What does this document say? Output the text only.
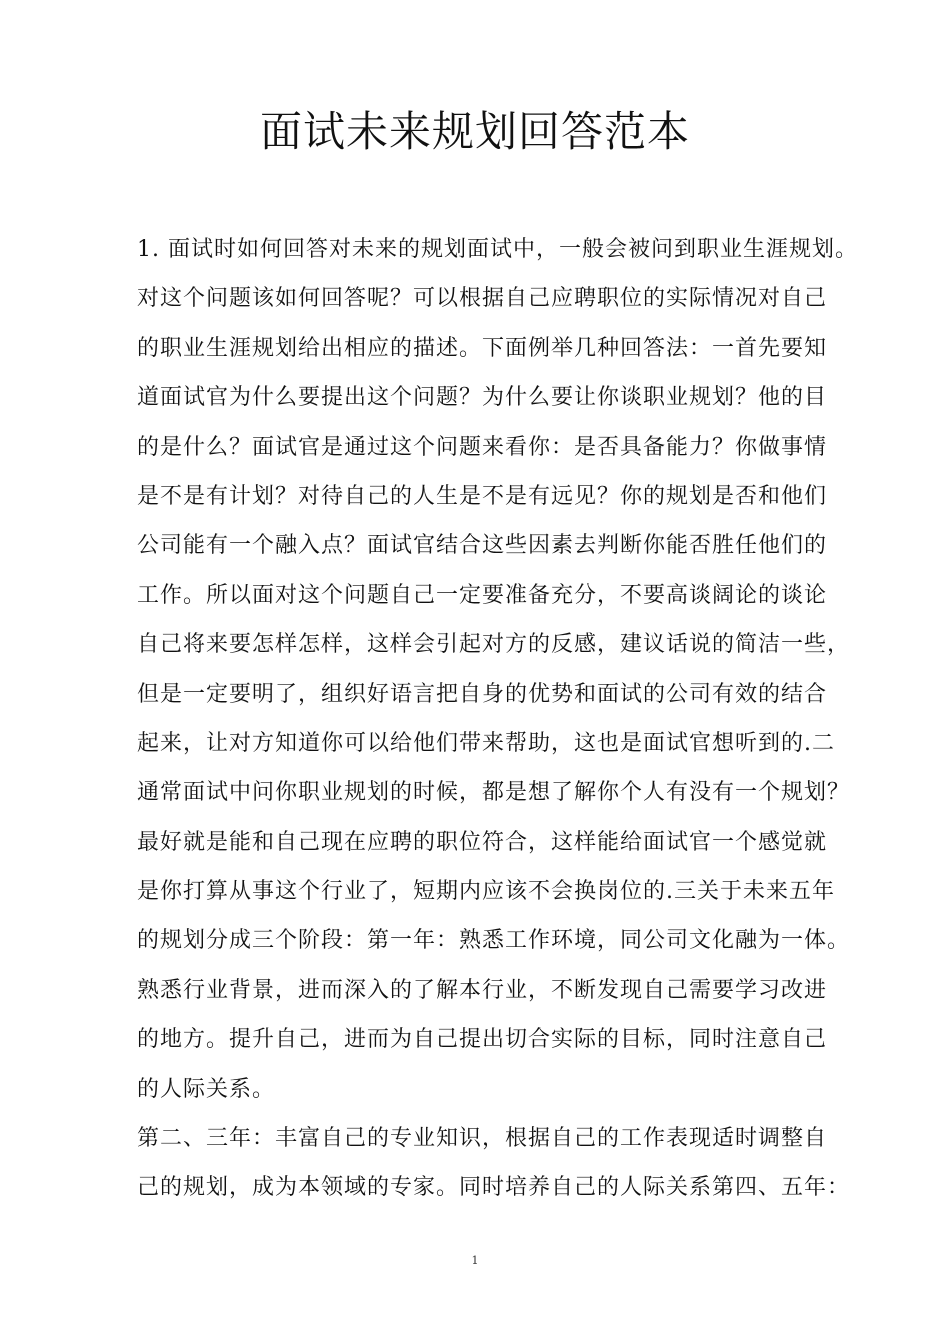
面试未来规划回答范本
1. 面试时如何回答对未来的规划面试中，一般会被问到职业生涯规划。
对这个问题该如何回答呢？可以根据自己应聘职位的实际情况对自己
的职业生涯规划给出相应的描述。下面例举几种回答法：一首先要知
道面试官为什么要提出这个问题？为什么要让你谈职业规划？他的目
的是什么？面试官是通过这个问题来看你：是否具备能力？你做事情
是不是有计划？对待自己的人生是不是有远见？你的规划是否和他们
公司能有一个融入点？面试官结合这些因素去判断你能否胜任他们的
工作。所以面对这个问题自己一定要准备充分，不要高谈阔论的谈论
自己将来要怎样怎样，这样会引起对方的反感，建议话说的简洁一些，
但是一定要明了，组织好语言把自身的优势和面试的公司有效的结合
起来，让对方知道你可以给他们带来帮助，这也是面试官想听到的.二
通常面试中问你职业规划的时候，都是想了解你个人有没有一个规划？
最好就是能和自己现在应聘的职位符合，这样能给面试官一个感觉就
是你打算从事这个行业了，短期内应该不会换岗位的.三关于未来五年
的规划分成三个阶段：第一年：熟悉工作环境，同公司文化融为一体。
熟悉行业背景，进而深入的了解本行业，不断发现自己需要学习改进
的地方。提升自己，进而为自己提出切合实际的目标，同时注意自己
的人际关系。
第二、三年：丰富自己的专业知识，根据自己的工作表现适时调整自
己的规划，成为本领域的专家。同时培养自己的人际关系第四、五年：
1
